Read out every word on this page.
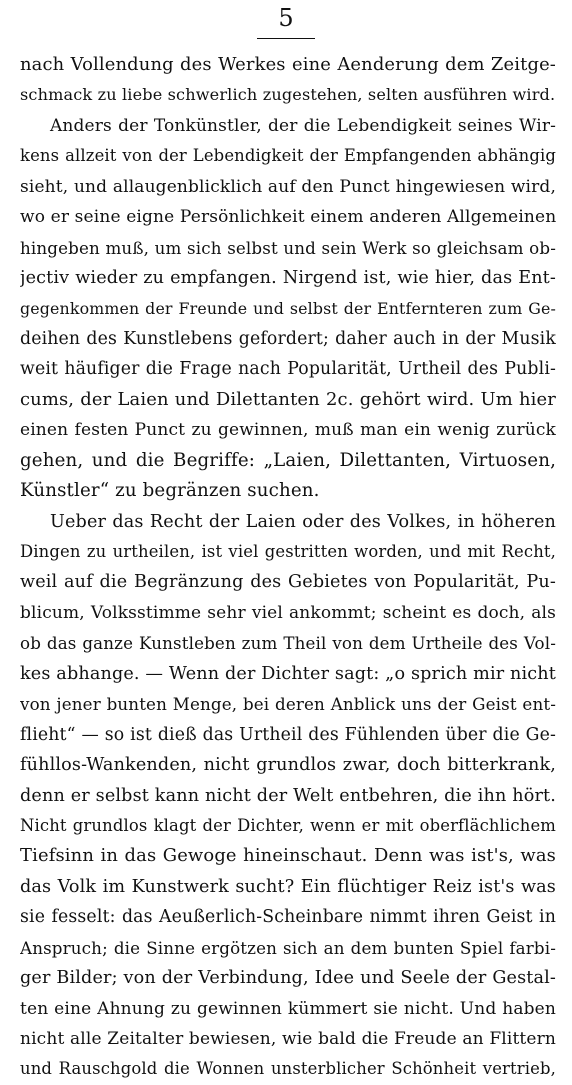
5
nach Vollendung des Werkes eine Aenderung dem Zeitge-
schmack zu liebe schwerlich zugestehen, selten ausführen wird.
Anders der Tonkünstler, der die Lebendigkeit seines Wir-
kens allzeit von der Lebendigkeit der Empfangenden abhängig
sieht, und allaugenblicklich auf den Punct hingewiesen wird,
wo er seine eigne Persönlichkeit einem anderen Allgemeinen
hingeben muß, um sich selbst und sein Werk so gleichsam ob-
jectiv wieder zu empfangen. Nirgend ist, wie hier, das Ent-
gegenkommen der Freunde und selbst der Entfernteren zum Ge-
deihen des Kunstlebens gefordert; daher auch in der Musik
weit häufiger die Frage nach Popularität, Urtheil des Publi-
cums, der Laien und Dilettanten 2c. gehört wird. Um hier
einen festen Punct zu gewinnen, muß man ein wenig zurück
gehen, und die Begriffe: „Laien, Dilettanten, Virtuosen,
Künstler“ zu begränzen suchen.
Ueber das Recht der Laien oder des Volkes, in höheren
Dingen zu urtheilen, ist viel gestritten worden, und mit Recht,
weil auf die Begränzung des Gebietes von Popularität, Pu-
blicum, Volksstimme sehr viel ankommt; scheint es doch, als
ob das ganze Kunstleben zum Theil von dem Urtheile des Vol-
kes abhange. — Wenn der Dichter sagt: „o sprich mir nicht
von jener bunten Menge, bei deren Anblick uns der Geist ent-
flieht“ — so ist dieß das Urtheil des Fühlenden über die Ge-
fühllos-Wankenden, nicht grundlos zwar, doch bitterkrank,
denn er selbst kann nicht der Welt entbehren, die ihn hört.
Nicht grundlos klagt der Dichter, wenn er mit oberflächlichem
Tiefsinn in das Gewoge hineinschaut. Denn was ist's, was
das Volk im Kunstwerk sucht? Ein flüchtiger Reiz ist's was
sie fesselt: das Aeußerlich-Scheinbare nimmt ihren Geist in
Anspruch; die Sinne ergötzen sich an dem bunten Spiel farbi-
ger Bilder; von der Verbindung, Idee und Seele der Gestal-
ten eine Ahnung zu gewinnen kümmert sie nicht. Und haben
nicht alle Zeitalter bewiesen, wie bald die Freude an Flittern
und Rauschgold die Wonnen unsterblicher Schönheit vertrieb,
